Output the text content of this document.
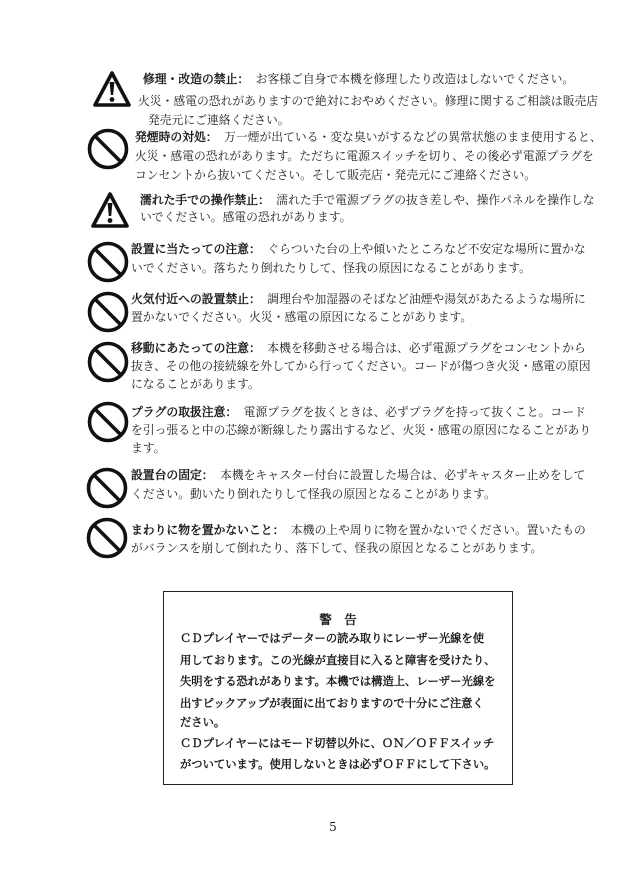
修理・改造の禁止： お客様ご自身で本機を修理したり改造はしないでください。
火災・感電の恐れがありますので絶対におやめください。修理に関するご相談は販売店
発売元にご連絡ください。
発煙時の対処： 万一煙が出ている・変な臭いがするなどの異常状態のまま使用すると、
火災・感電の恐れがあります。ただちに電源スイッチを切り、その後必ず電源プラグを
コンセントから抜いてください。そして販売店・発売元にご連絡ください。
濡れた手での操作禁止： 濡れた手で電源プラグの抜き差しや、操作パネルを操作しな
いでください。感電の恐れがあります。
設置に当たっての注意： ぐらついた台の上や傾いたところなど不安定な場所に置かな
いでください。落ちたり倒れたりして、怪我の原因になることがあります。
火気付近への設置禁止： 調理台や加湿器のそばなど油煙や湯気があたるような場所に
置かないでください。火災・感電の原因になることがあります。
移動にあたっての注意： 本機を移動させる場合は、必ず電源プラグをコンセントから
抜き、その他の接続線を外してから行ってください。コードが傷つき火災・感電の原因
になることがあります。
プラグの取扱注意： 電源プラグを抜くときは、必ずプラグを持って抜くこと。コード
を引っ張ると中の芯線が断線したり露出するなど、火災・感電の原因になることがあり
ます。
設置台の固定： 本機をキャスター付台に設置した場合は、必ずキャスター止めをして
ください。動いたり倒れたりして怪我の原因となることがあります。
まわりに物を置かないこと： 本機の上や周りに物を置かないでください。置いたもの
がバランスを崩して倒れたり、落下して、怪我の原因となることがあります。
警　告
ＣＤプレイヤーではデーターの読み取りにレーザー光線を使
用しております。この光線が直接目に入ると障害を受けたり、
失明をする恐れがあります。本機では構造上、レーザー光線を
出すピックアップが表面に出ておりますので十分にご注意く
ださい。
ＣＤプレイヤーにはモード切替以外に、ＯＮ／ＯＦＦスイッチ
がついています。使用しないときは必ずＯＦＦにして下さい。
5
